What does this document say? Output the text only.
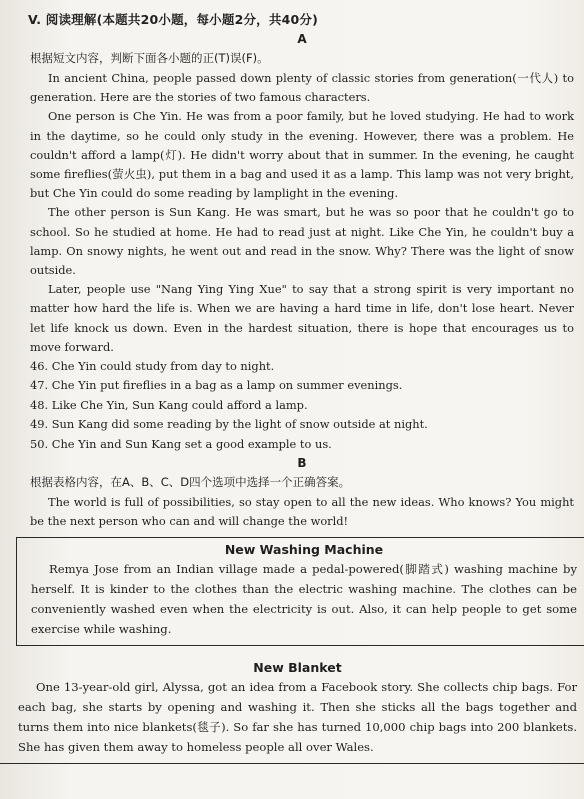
V. 阅读理解(本题共20小题，每小题2分，共40分)
A
根据短文内容，判断下面各小题的正(T)误(F)。

In ancient China, people passed down plenty of classic stories from generation(一代人) to generation. Here are the stories of two famous characters.

One person is Che Yin. He was from a poor family, but he loved studying. He had to work in the daytime, so he could only study in the evening. However, there was a problem. He couldn't afford a lamp(灯). He didn't worry about that in summer. In the evening, he caught some fireflies(萤火虫), put them in a bag and used it as a lamp. This lamp was not very bright, but Che Yin could do some reading by lamplight in the evening.

The other person is Sun Kang. He was smart, but he was so poor that he couldn't go to school. So he studied at home. He had to read just at night. Like Che Yin, he couldn't buy a lamp. On snowy nights, he went out and read in the snow. Why? There was the light of snow outside.

Later, people use "Nang Ying Ying Xue" to say that a strong spirit is very important no matter how hard the life is. When we are having a hard time in life, don't lose heart. Never let life knock us down. Even in the hardest situation, there is hope that encourages us to move forward.

46. Che Yin could study from day to night.
47. Che Yin put fireflies in a bag as a lamp on summer evenings.
48. Like Che Yin, Sun Kang could afford a lamp.
49. Sun Kang did some reading by the light of snow outside at night.
50. Che Yin and Sun Kang set a good example to us.
B
根据表格内容，在A、B、C、D四个选项中选择一个正确答案。

The world is full of possibilities, so stay open to all the new ideas. Who knows? You might be the next person who can and will change the world!

New Washing Machine

Remya Jose from an Indian village made a pedal-powered(脚踏式) washing machine by herself. It is kinder to the clothes than the electric washing machine. The clothes can be conveniently washed even when the electricity is out. Also, it can help people to get some exercise while washing.

New Blanket

One 13-year-old girl, Alyssa, got an idea from a Facebook story. She collects chip bags. For each bag, she starts by opening and washing it. Then she sticks all the bags together and turns them into nice blankets(毯子). So far she has turned 10,000 chip bags into 200 blankets. She has given them away to homeless people all over Wales.
